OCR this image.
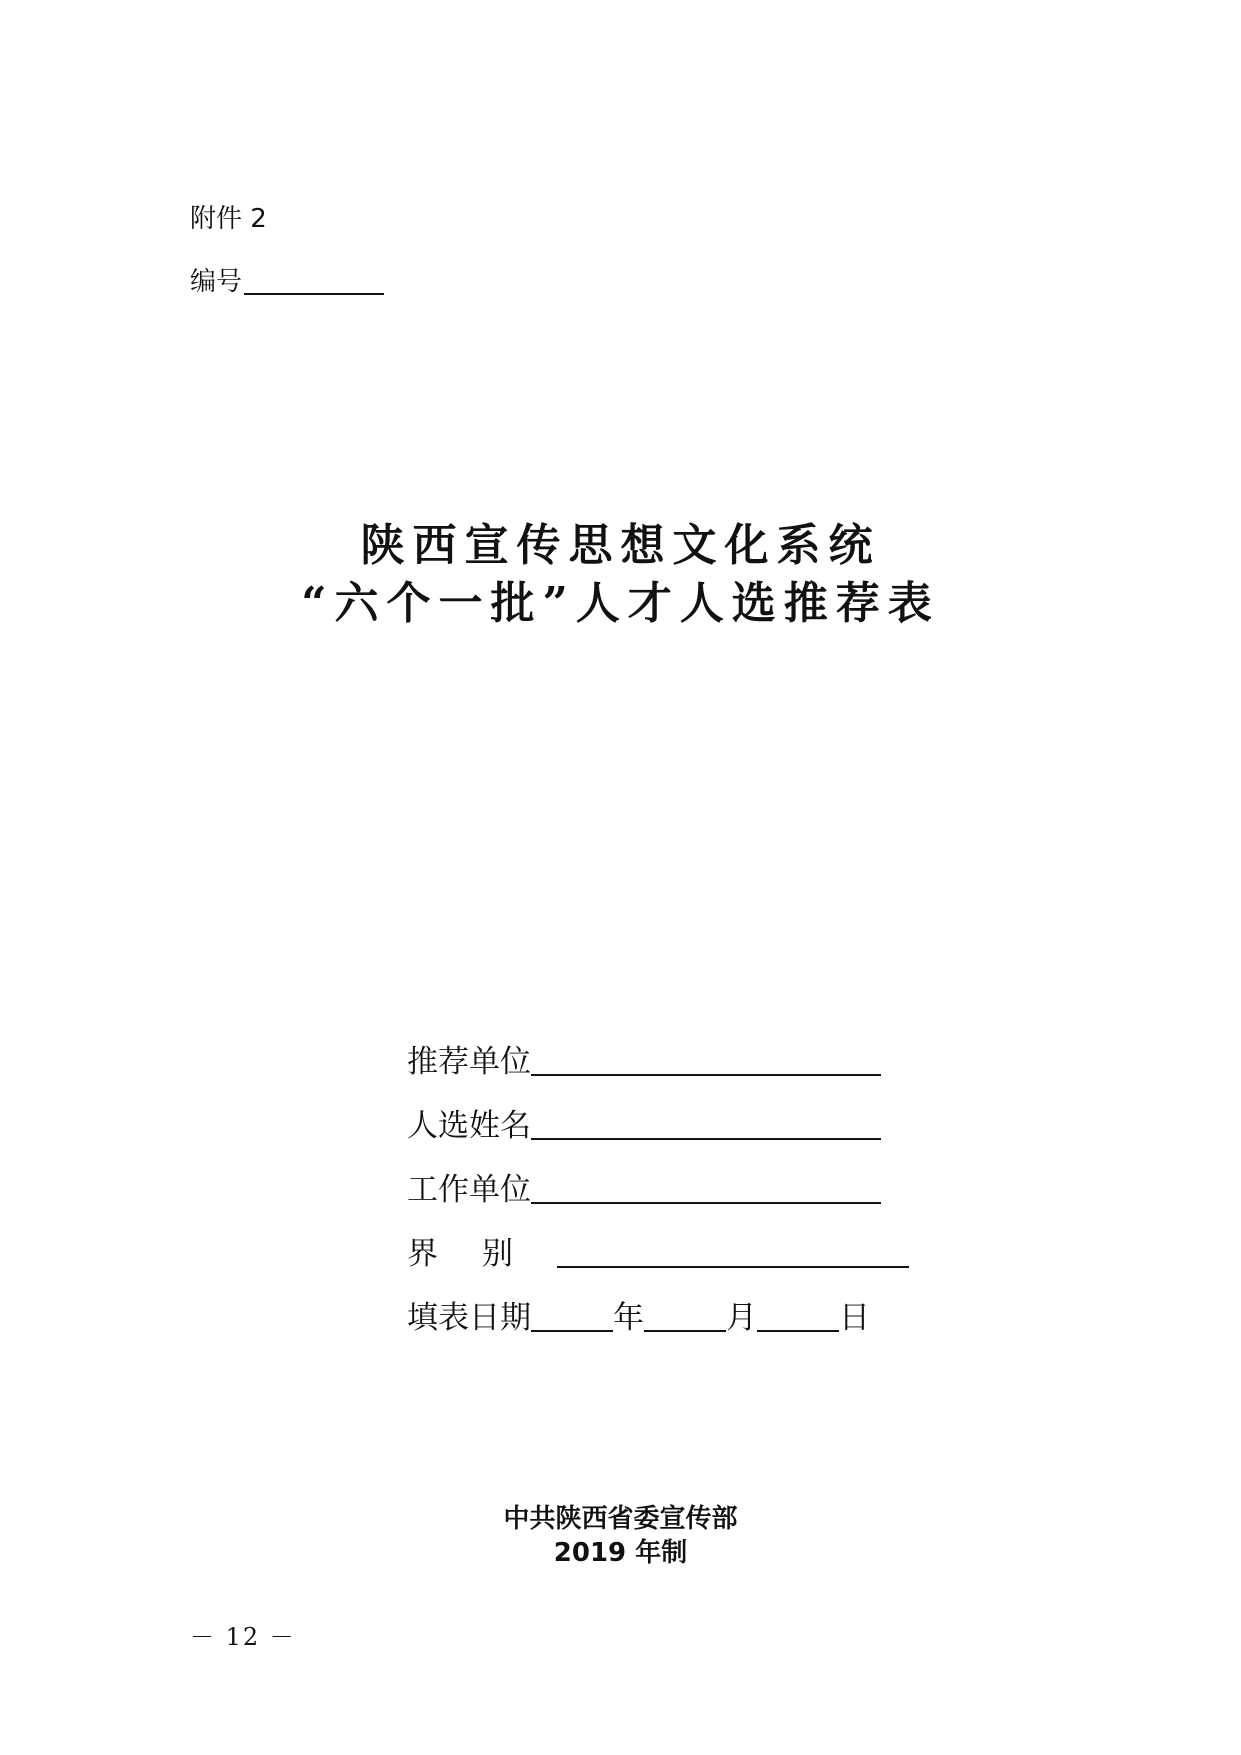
附件 2
编号
陕西宣传思想文化系统
“六个一批”人才人选推荐表
推荐单位
人选姓名
工作单位
界别
填表日期	年	月	日
中共陕西省委宣传部
2019 年制
－ 12 －
